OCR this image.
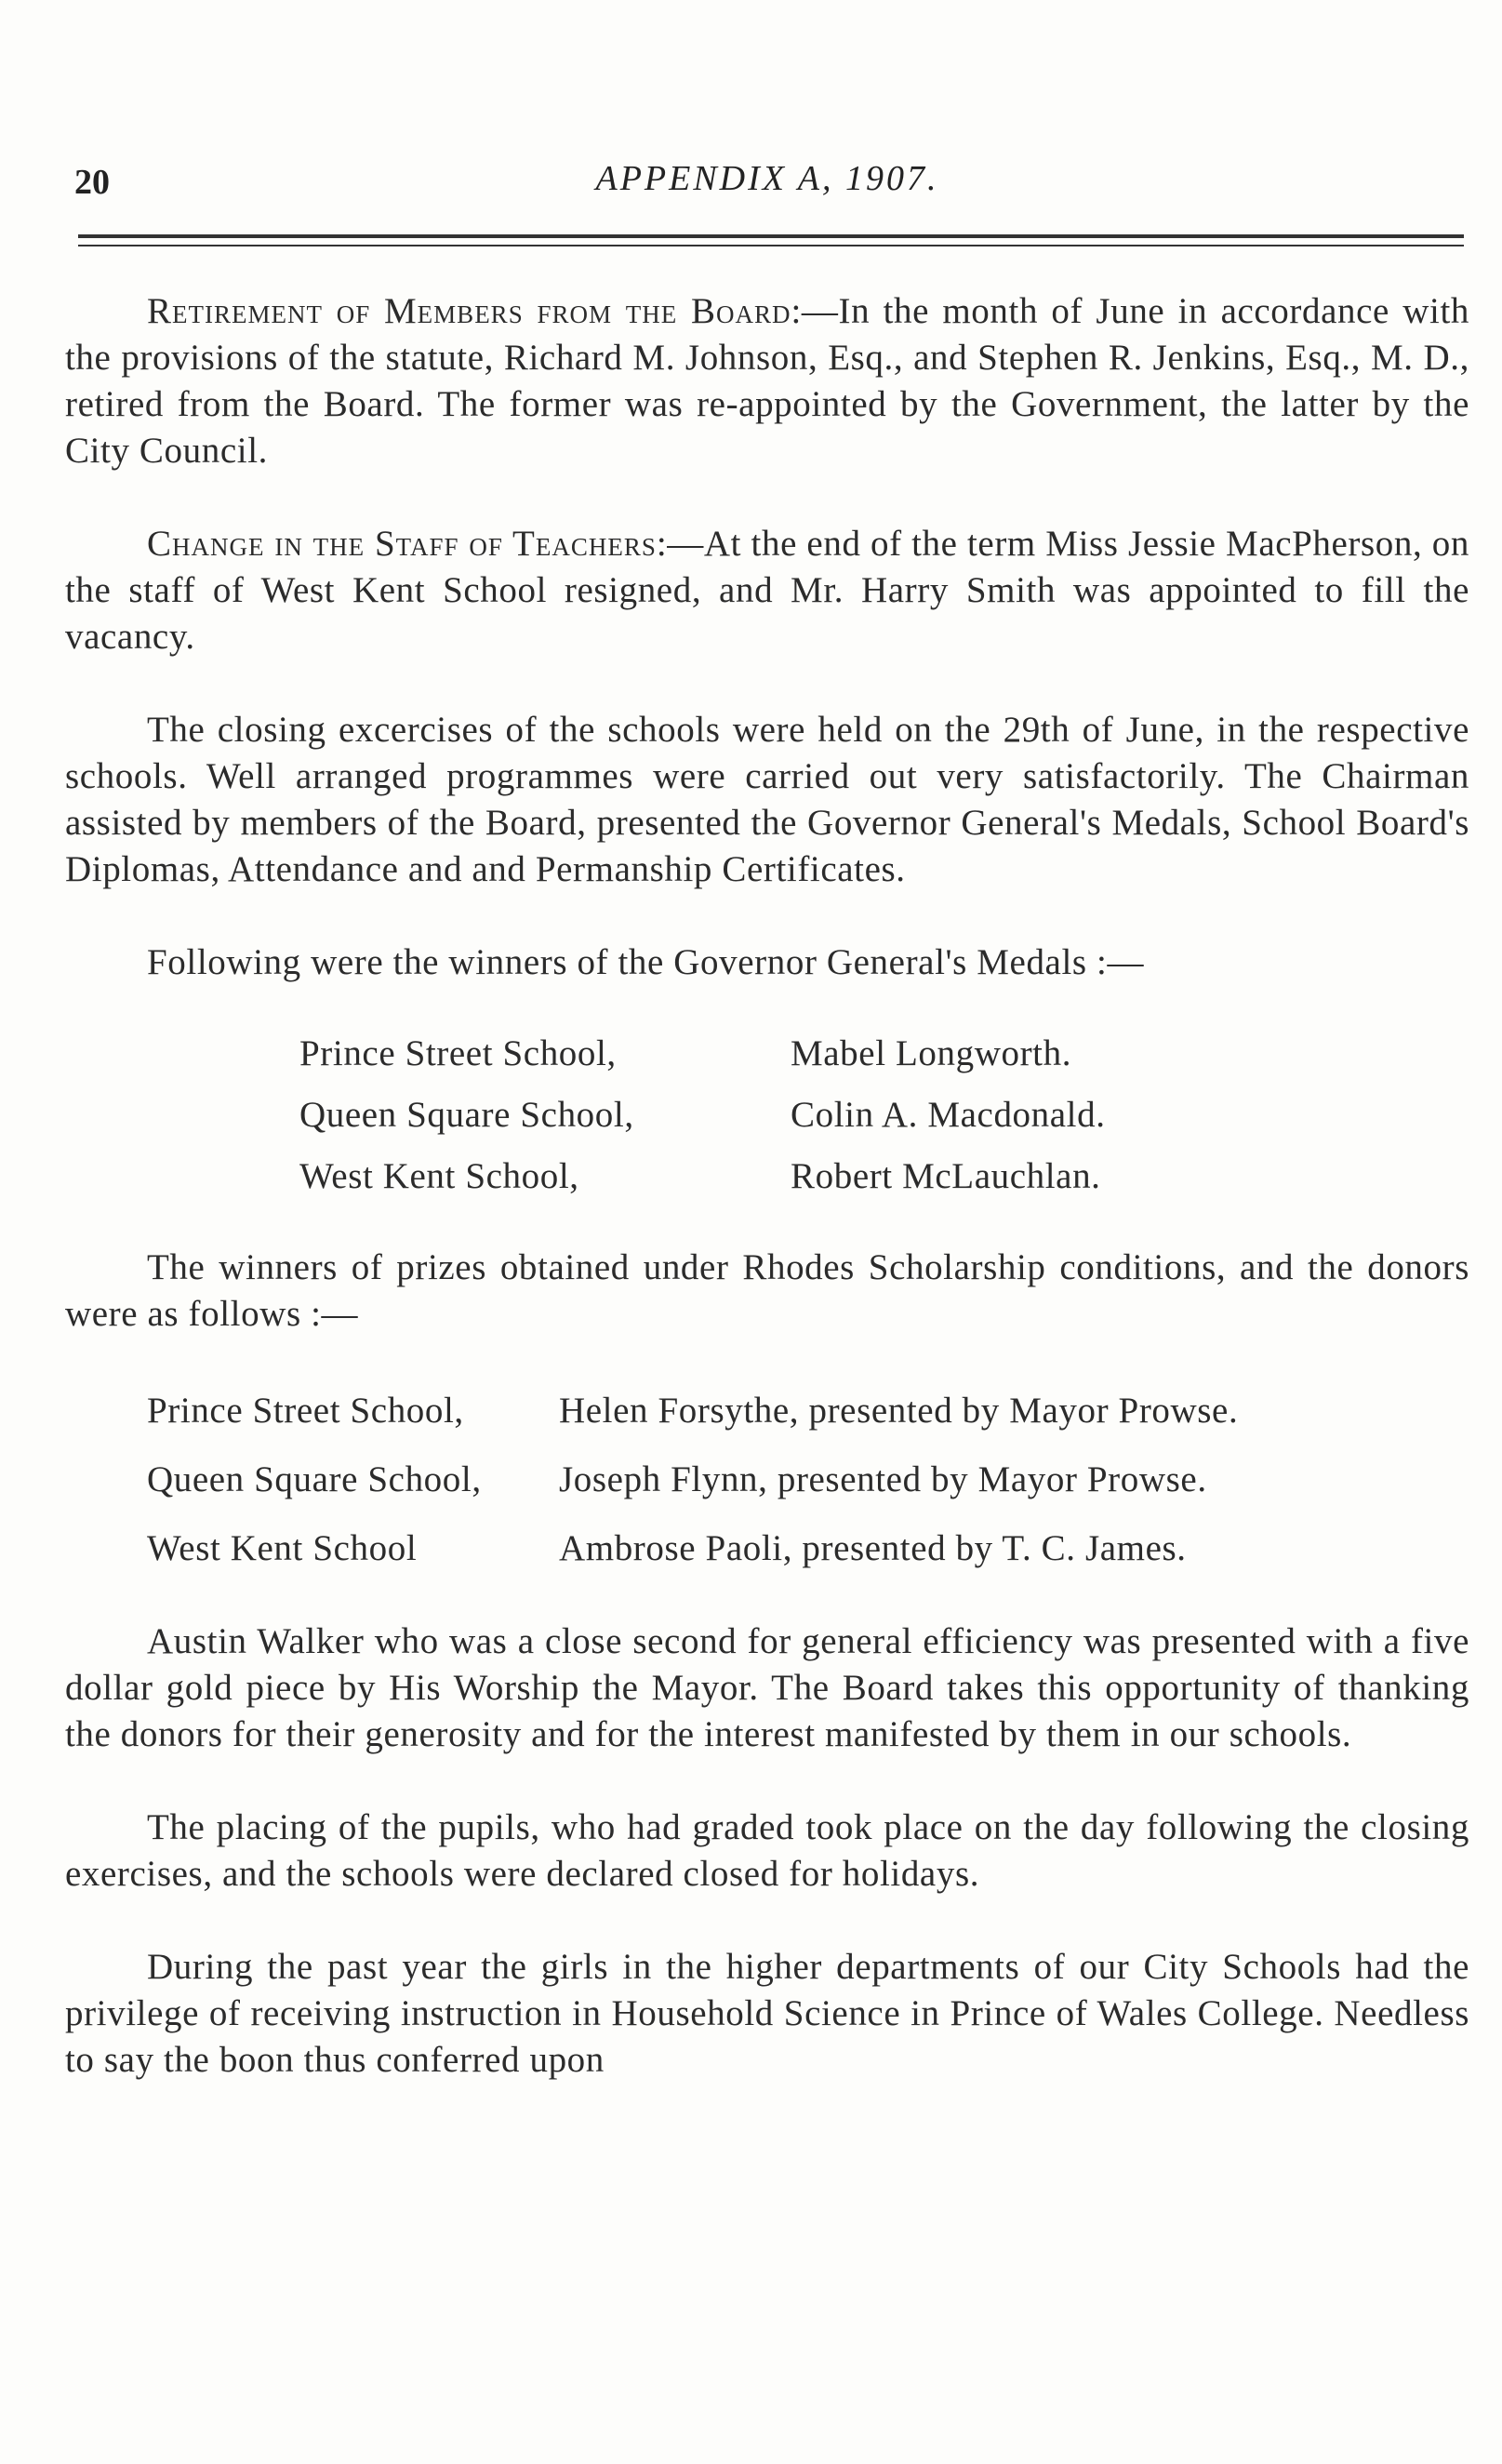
20	APPENDIX A, 1907.

Retirement of Members from the Board:—In the month of June in accordance with the provisions of the statute, Richard M. Johnson, Esq., and Stephen R. Jenkins, Esq., M. D., retired from the Board. The former was re-appointed by the Government, the latter by the City Council.

Change in the Staff of Teachers:—At the end of the term Miss Jessie MacPherson, on the staff of West Kent School resigned, and Mr. Harry Smith was appointed to fill the vacancy.

The closing excercises of the schools were held on the 29th of June, in the respective schools. Well arranged programmes were carried out very satisfactorily. The Chairman assisted by members of the Board, presented the Governor General's Medals, School Board's Diplomas, Attendance and and Permanship Certificates.

Following were the winners of the Governor General's Medals :—

Prince Street School,	Mabel Longworth.
Queen Square School,	Colin A. Macdonald.
West Kent School,	Robert McLauchlan.

The winners of prizes obtained under Rhodes Scholarship conditions, and the donors were as follows :—

Prince Street School,	Helen Forsythe, presented by Mayor Prowse.
Queen Square School,	Joseph Flynn, presented by Mayor Prowse.
West Kent School	Ambrose Paoli, presented by T. C. James.

Austin Walker who was a close second for general efficiency was presented with a five dollar gold piece by His Worship the Mayor. The Board takes this opportunity of thanking the donors for their generosity and for the interest manifested by them in our schools.

The placing of the pupils, who had graded took place on the day following the closing exercises, and the schools were declared closed for holidays.

During the past year the girls in the higher departments of our City Schools had the privilege of receiving instruction in Household Science in Prince of Wales College. Needless to say the boon thus conferred upon
